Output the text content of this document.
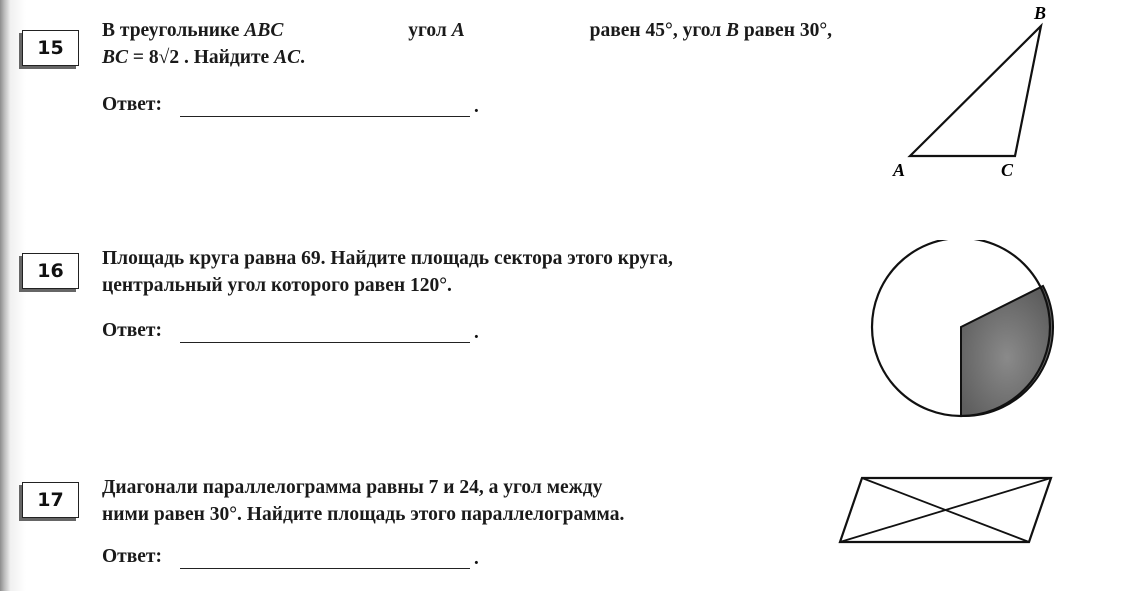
15
В треугольнике ABC	угол A	равен 45°, угол B равен 30°,
BC = 8√2 . Найдите AC.
Ответ:	.
A
B
C
16
Площадь круга равна 69. Найдите площадь сектора этого круга,
центральный угол которого равен 120°.
Ответ:	.
17
Диагонали параллелограмма равны 7 и 24, а угол между
ними равен 30°. Найдите площадь этого параллелограмма.
Ответ:	.
